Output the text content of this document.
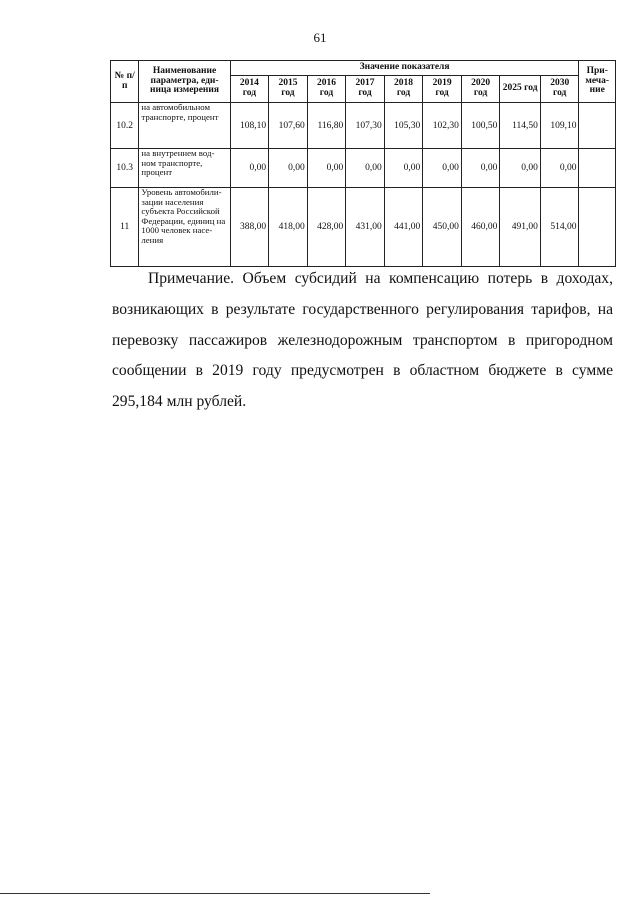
61
№ п/п	Наименование параметра, еди-ница измерения	Значение показателя									При-меча-ние
		2014 год	2015 год	2016 год	2017 год	2018 год	2019 год	2020 год	2025 год	2030 год	
10.2	на автомобильном транспорте, процент	108,10	107,60	116,80	107,30	105,30	102,30	100,50	114,50	109,10	
10.3	на внутреннем вод-ном транспорте, процент	0,00	0,00	0,00	0,00	0,00	0,00	0,00	0,00	0,00	
11	Уровень автомобили-зации населения субъекта Российской Федерации, единиц на 1000 человек насе-ления	388,00	418,00	428,00	431,00	441,00	450,00	460,00	491,00	514,00	

Примечание. Объем субсидий на компенсацию потерь в доходах, возникающих в результате государственного регулирования тарифов, на перевозку пассажиров железнодорожным транспортом в пригородном сообщении в 2019 году предусмотрен в областном бюджете в сумме 295,184 млн рублей.
